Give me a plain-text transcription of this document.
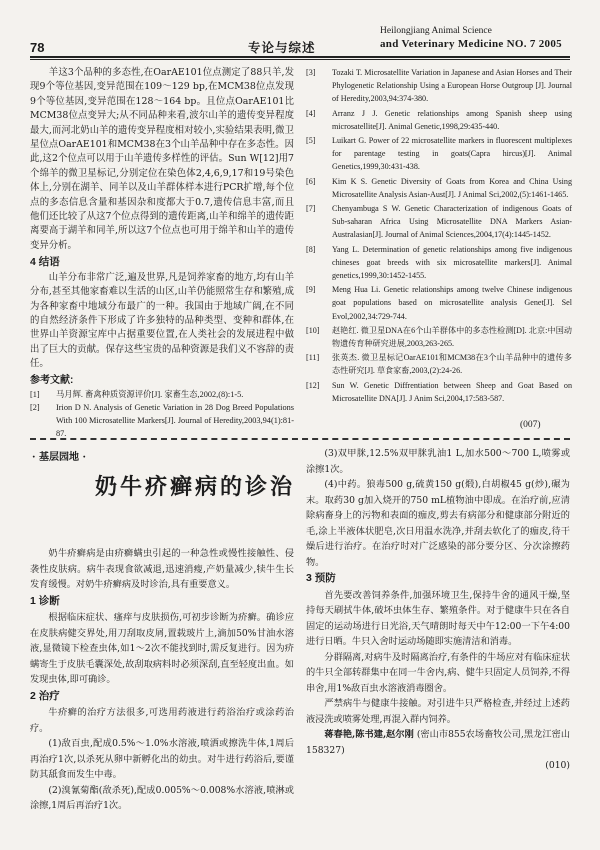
78	专论与综述
Heilongjiang Animal Science
and Veterinary Medicine NO. 7 2005

羊这3个品种的多态性,在OarAE101位点测定了88只羊,发现9个等位基因,变异范围在109～129 bp,在MCM38位点发现9个等位基因,变异范围在128～164 bp。且位点OarAE101比MCM38位点变异大;从不同品种来看,波尔山羊的遗传变异程度最大,而河北奶山羊的遗传变异程度相对较小,实验结果表明,微卫星位点OarAE101和MCM38在3个山羊品种中存在多态性。因此,这2个位点可以用于山羊遗传多样性的评估。Sun W[12]用7个绵羊的微卫星标记,分别定位在染色体2,4,6,9,17和19号染色体上,分别在湖羊、同羊以及山羊群体样本进行PCR扩增,每个位点的多态信息含量和基因杂和度都大于0.7,遗传信息丰富,而且他们还比较了从这7个位点得到的遗传距离,山羊和绵羊的遗传距离要高于湖羊和同羊,所以这7个位点也可用于绵羊和山羊的遗传变异分析。

4 结语

山羊分布非常广泛,遍及世界,凡是饲养家畜的地方,均有山羊分布,甚至其他家畜难以生活的山区,山羊仍能照常生存和繁殖,成为各种家畜中地域分布最广的一种。我国由于地域广阔,在不同的自然经济条件下形成了许多独特的品种类型、变种和群体,在世界山羊资源宝库中占据重要位置,在人类社会的发展进程中做出了巨大的贡献。保存这些宝贵的品种资源是我们义不容辞的责任。

参考文献:
[1]	马月辉. 畜禽种质资源评价[J]. 家畜生态,2002,(8):1-5.
[2]	Irion D N. Analysis of Genetic Variation in 28 Dog Breed Populations With 100 Microsatellite Markers[J]. Journal of Heredity,2003,94(1):81-87.
[3]	Tozaki T. Microsatellite Variation in Japanese and Asian Horses and Their Phylogenetic Relationship Using a European Horse Outgroup [J]. Journal of Heredity,2003,94:374-380.
[4]	Arranz J J. Genetic relationships among Spanish sheep using microsatellite[J]. Animal Genetic,1998,29:435-440.
[5]	Luikart G. Power of 22 microsatellite markers in fluorescent multiplexes for parentage testing in goats(Capra hircus)[J]. Animal Genetics,1999,30:431-438.
[6]	Kim K S. Genetic Diversity of Goats from Korea and China Using Microsatellite Analysis Asian-Aust[J]. J Animal Sci,2002,(5):1461-1465.
[7]	Chenyambuga S W. Genetic Characterization of indigenous Goats of Sub-saharan Africa Using Microsatellite DNA Markers Asian-Australasian[J]. Journal of Animal Sciences,2004,17(4):1445-1452.
[8]	Yang L. Determination of genetic relationships among five indigenous chineses goat breeds with six microsatellite markers[J]. Animal genetics,1999,30:1452-1455.
[9]	Meng Hua Li. Genetic relationships among twelve Chinese indigenous goat populations based on microsatellite analysis Genet[J]. Sel Evol,2002,34:729-744.
[10]	赵艳红. 微卫星DNA在6个山羊群体中的多态性检测[D]. 北京:中国动物遗传育种研究进展,2003,263-265.
[11]	张英杰. 微卫星标记OarAE101和MCM38在3个山羊品种中的遗传多态性研究[J]. 草食家畜,2003,(2):24-26.
[12]	Sun W. Genetic Diffrentiation between Sheep and Goat Based on Microsatellite DNA[J]. J Anim Sci,2004,17:583-587.
(007)
· 基层园地 ·
奶牛疥癣病的诊治

奶牛疥癣病是由疥癣螨虫引起的一种急性或慢性接触性、侵袭性皮肤病。病牛表现食欲减退,迅速消瘦,产奶量减少,犊牛生长发育缓慢。对奶牛疥癣病及时诊治,具有重要意义。

1 诊断

根据临床症状、瘙痒与皮肤损伤,可初步诊断为疥癣。确诊应在皮肤病健交界处,用刀刮取皮屑,置载玻片上,滴加50%甘油水溶液,显微镜下检查虫体,如1～2次不能找到时,需反复进行。因为疥螨寄生于皮肤毛囊深处,故刮取病料时必须深刮,直至轻度出血。如发现虫体,即可确诊。

2 治疗

牛疥癣的治疗方法很多,可选用药液进行药浴治疗或涂药治疗。

(1)敌百虫,配成0.5%～1.0%水溶液,喷洒或擦洗牛体,1周后再治疗1次,以杀死从卵中新孵化出的幼虫。对牛进行药浴后,要谨防其舐食而发生中毒。

(2)溴氰菊酯(敌杀死),配成0.005%～0.008%水溶液,喷淋或涂擦,1周后再治疗1次。

(3)双甲脒,12.5%双甲脒乳油1 L,加水500～700 L,喷雾或涂擦1次。

(4)中药。狼毒500 g,硫黄150 g(煅),白胡椒45 g(炒),碾为末。取药30 g加入烧开的750 mL植物油中即成。在治疗前,应清除病畜身上的污物和表面的痂皮,剪去有病部分和健康部分附近的毛,涂上半液体状肥皂,次日用温水洗净,并刮去软化了的痂皮,待干燥后进行治疗。在治疗时对广泛感染的部分要分区、分次涂擦药物。

3 预防

首先要改善饲养条件,加强环境卫生,保持牛舍的通风干燥,坚持每天刷拭牛体,破坏虫体生存、繁殖条件。对于健康牛只在各自固定的运动场进行日光浴,天气晴朗时每天中午12:00一下午4:00进行日晒。牛只入舍时运动场随即实施清洁和消毒。

分群隔离,对病牛及时隔离治疗,有条件的牛场应对有临床症状的牛只全部转群集中在同一牛舍内,病、健牛只固定人员饲养,不得串舍,用1%敌百虫水溶液消毒圈舍。

严禁病牛与健康牛接触。对引进牛只严格检查,并经过上述药液浸洗或喷雾处理,再混入群内饲养。

蒋春艳,陈书建,赵尔刚 (密山市855农场畜牧公司,黑龙江密山158327)

(010)
